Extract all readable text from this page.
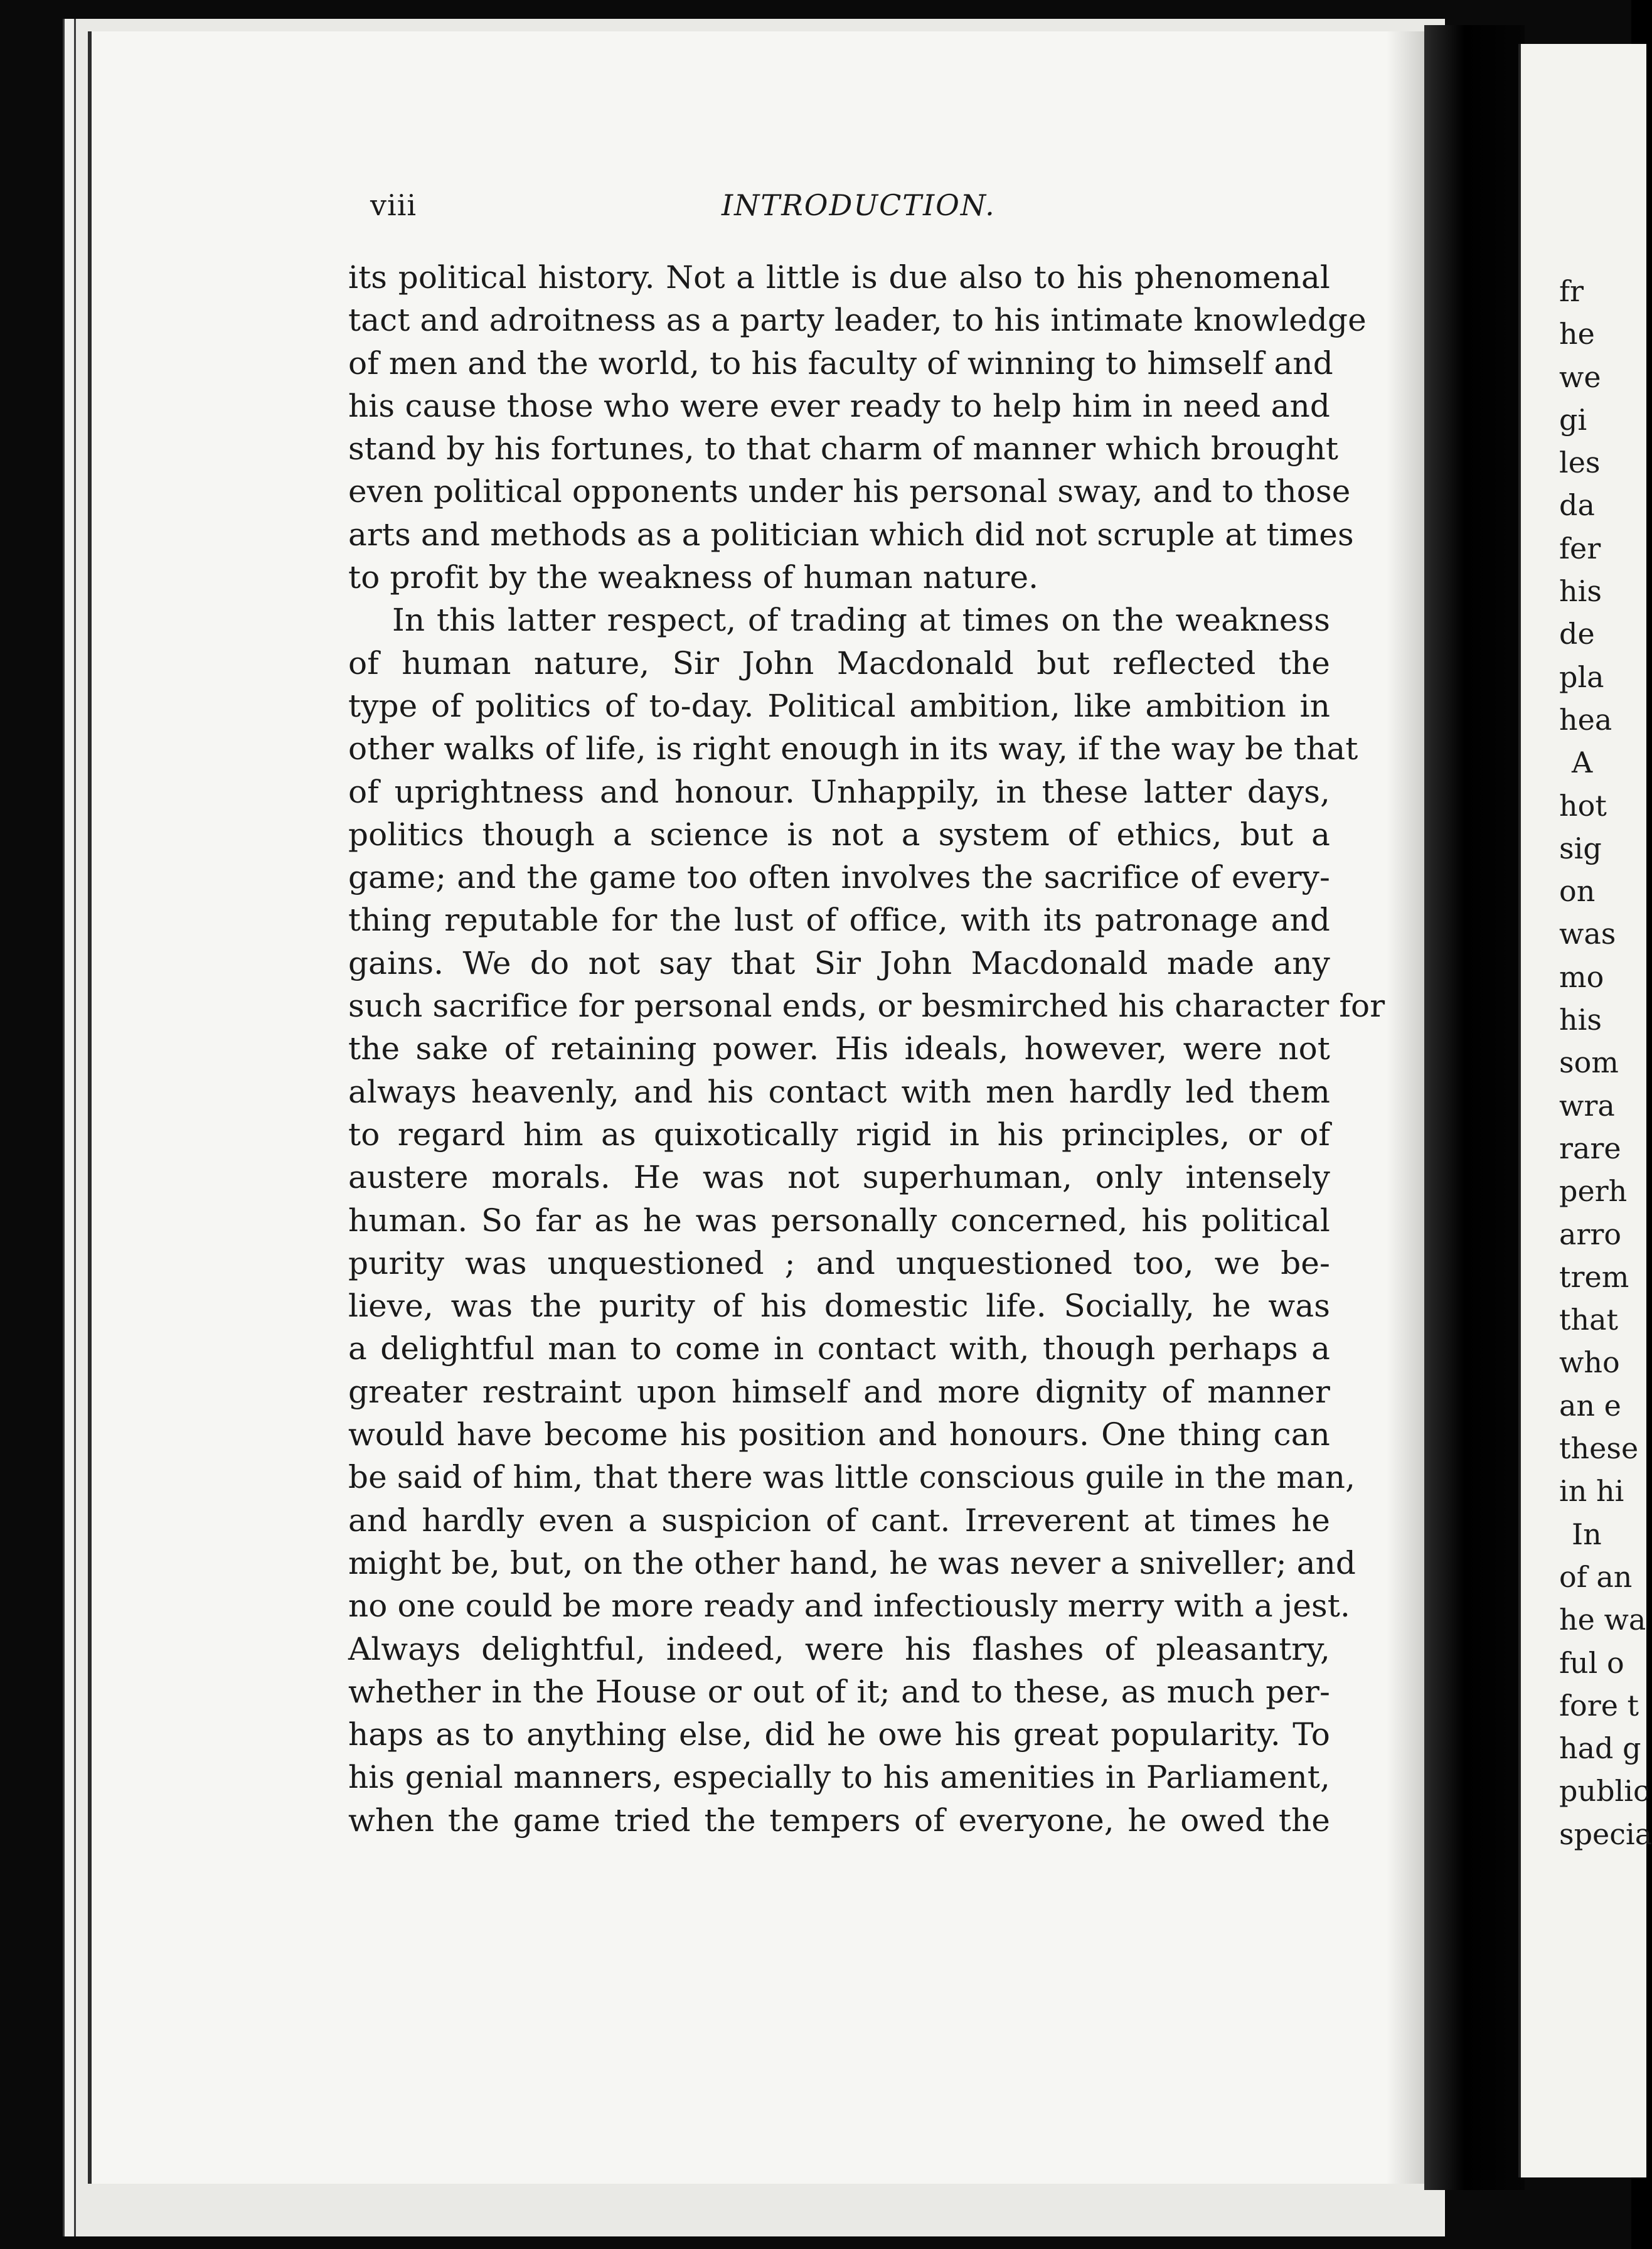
viii	INTRODUCTION.
its political history. Not a little is due also to his phenomenal
tact and adroitness as a party leader, to his intimate knowledge
of men and the world, to his faculty of winning to himself and
his cause those who were ever ready to help him in need and
stand by his fortunes, to that charm of manner which brought
even political opponents under his personal sway, and to those
arts and methods as a politician which did not scruple at times
to profit by the weakness of human nature.
In this latter respect, of trading at times on the weakness
of human nature, Sir John Macdonald but reflected the
type of politics of to-day. Political ambition, like ambition in
other walks of life, is right enough in its way, if the way be that
of uprightness and honour. Unhappily, in these latter days,
politics though a science is not a system of ethics, but a
game; and the game too often involves the sacrifice of every-
thing reputable for the lust of office, with its patronage and
gains. We do not say that Sir John Macdonald made any
such sacrifice for personal ends, or besmirched his character for
the sake of retaining power. His ideals, however, were not
always heavenly, and his contact with men hardly led them
to regard him as quixotically rigid in his principles, or of
austere morals. He was not superhuman, only intensely
human. So far as he was personally concerned, his political
purity was unquestioned ; and unquestioned too, we be-
lieve, was the purity of his domestic life. Socially, he was
a delightful man to come in contact with, though perhaps a
greater restraint upon himself and more dignity of manner
would have become his position and honours. One thing can
be said of him, that there was little conscious guile in the man,
and hardly even a suspicion of cant. Irreverent at times he
might be, but, on the other hand, he was never a sniveller; and
no one could be more ready and infectiously merry with a jest.
Always delightful, indeed, were his flashes of pleasantry,
whether in the House or out of it; and to these, as much per-
haps as to anything else, did he owe his great popularity. To
his genial manners, especially to his amenities in Parliament,
when the game tried the tempers of everyone, he owed the
fr
he
we
gi
les
da
fer
his
de
pla
hea
A
hot
sig
on
was
mo
his
som
wra
rare
perh
arro
trem
that
who
an e
these
in hi
In
of an
he wa
ful o
fore t
had g
public
specia
